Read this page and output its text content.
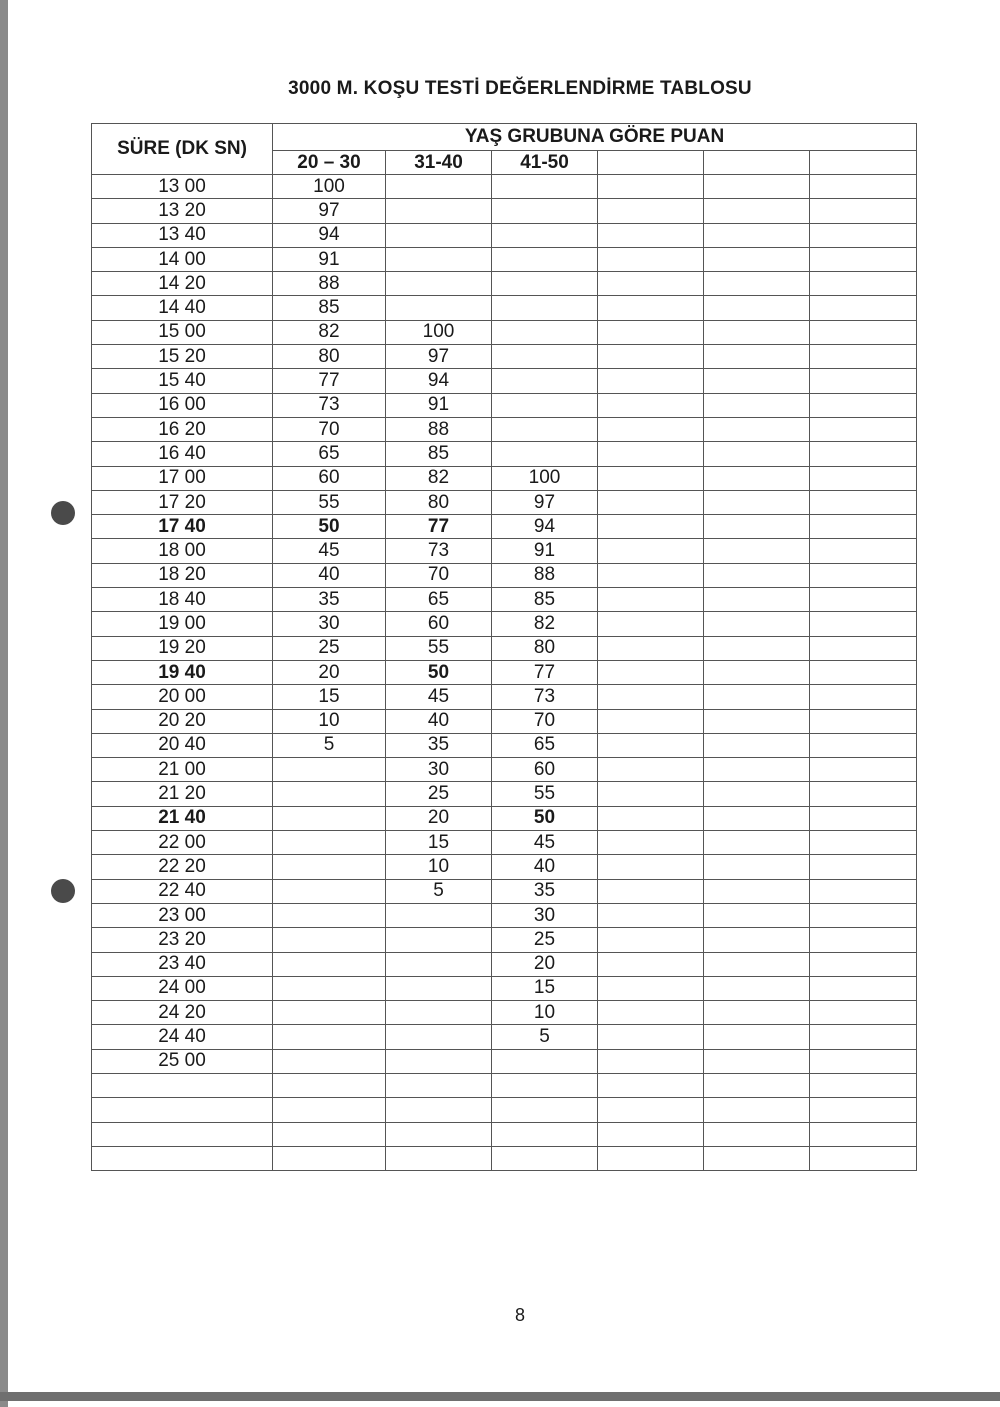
3000 M. KOŞU TESTİ DEĞERLENDİRME TABLOSU
SÜRE (DK SN)	YAŞ GRUBUNA GÖRE PUAN					
	20 – 30	31-40	41-50			
13 00	100					
13 20	97					
13 40	94					
14 00	91					
14 20	88					
14 40	85					
15 00	82	100				
15 20	80	97				
15 40	77	94				
16 00	73	91				
16 20	70	88				
16 40	65	85				
17 00	60	82	100			
17 20	55	80	97			
17 40	50	77	94			
18 00	45	73	91			
18 20	40	70	88			
18 40	35	65	85			
19 00	30	60	82			
19 20	25	55	80			
19 40	20	50	77			
20 00	15	45	73			
20 20	10	40	70			
20 40	5	35	65			
21 00		30	60			
21 20		25	55			
21 40		20	50			
22 00		15	45			
22 20		10	40			
22 40		5	35			
23 00			30			
23 20			25			
23 40			20			
24 00			15			
24 20			10			
24 40			5			
25 00						

8
